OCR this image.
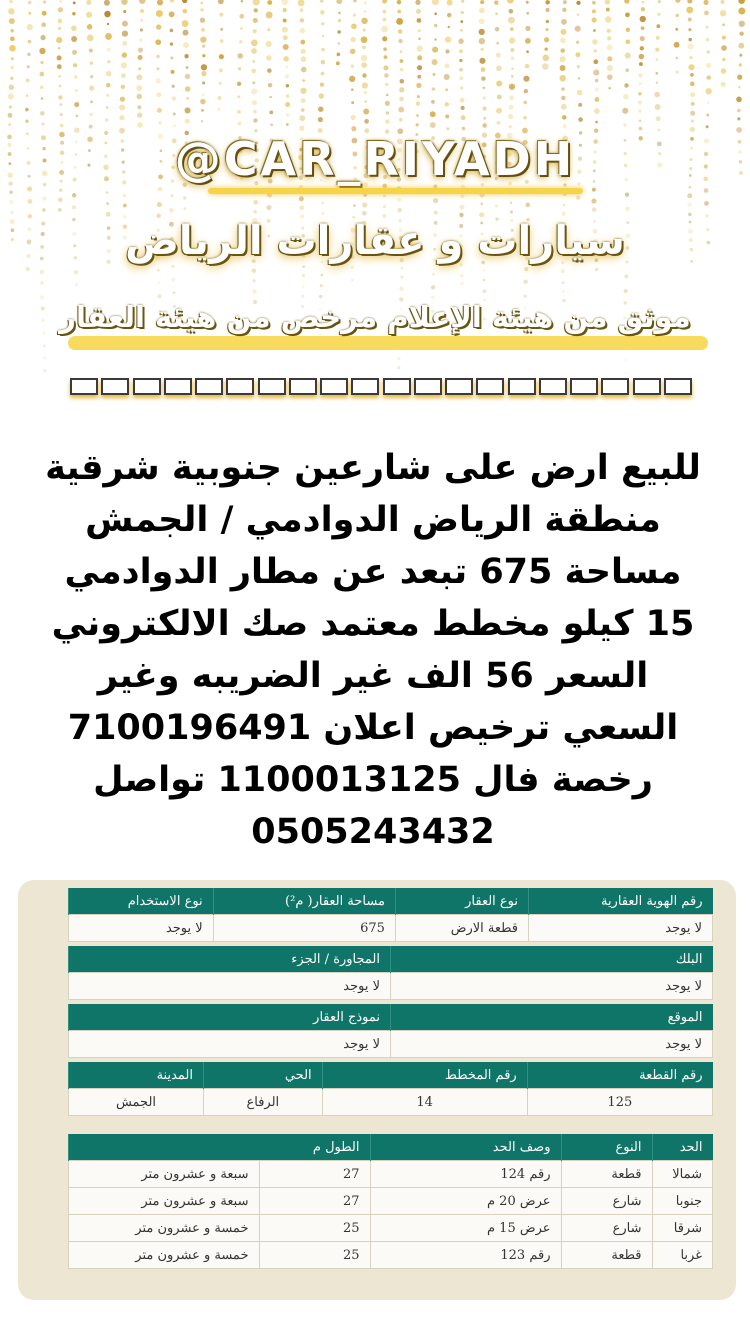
@CAR_RIYADH
سيارات و عقارات الرياض
موثق من هيئة الإعلام مرخص من هيئة العقار
للبيع ارض على شارعين جنوبية شرقية
منطقة الرياض الدوادمي / الجمش
مساحة 675 تبعد عن مطار الدوادمي
15 كيلو مخطط معتمد صك الالكتروني
السعر 56 الف غير الضريبه وغير
السعي ترخيص اعلان 7100196491
رخصة فال 1100013125 تواصل
0505243432
رقم الهوية العقارية	نوع العقار	مساحة العقار( م²)	نوع الاستخدام
لا يوجد	قطعة الارض	675	لا يوجد
البلك	المجاورة / الجزء
لا يوجد	لا يوجد
الموقع	نموذج العقار
لا يوجد	لا يوجد
رقم القطعة	رقم المخطط	الحي	المدينة
125	14	الرفاع	الجمش
الحد	النوع	وصف الحد	الطول م	
شمالا	قطعة	رقم 124	27	سبعة و عشرون متر
جنوبا	شارع	عرض 20 م	27	سبعة و عشرون متر
شرقا	شارع	عرض 15 م	25	خمسة و عشرون متر
غربا	قطعة	رقم 123	25	خمسة و عشرون متر
